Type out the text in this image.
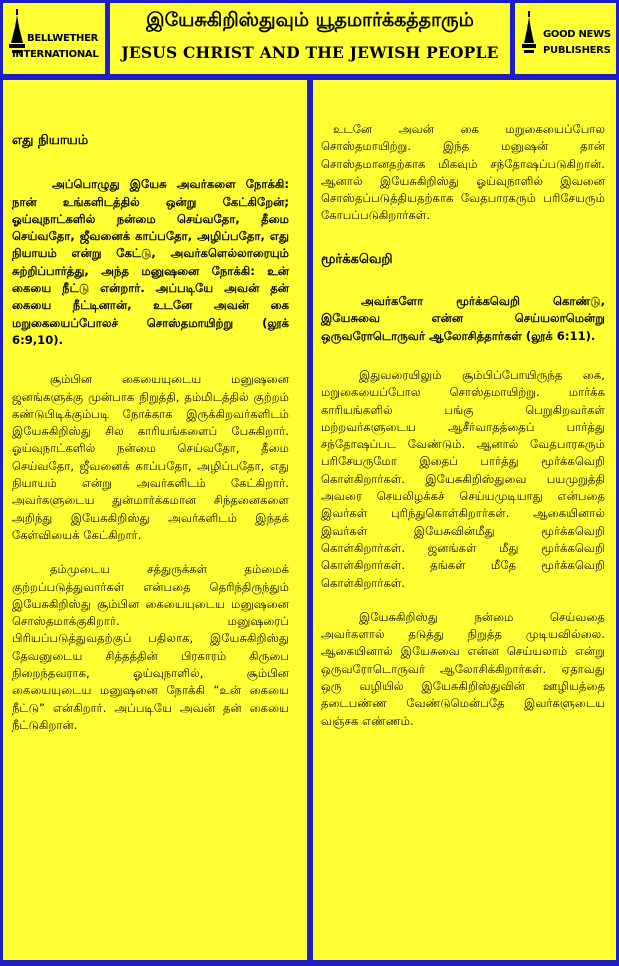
BELLWETHER
INTERNATIONAL
இயேசுகிறிஸ்துவும் யூதமார்க்கத்தாரும்
JESUS CHRIST AND THE JEWISH PEOPLE
GOOD NEWS
PUBLISHERS

எது நியாயம்

அப்பொழுது இயேசு அவர்களை நோக்கி: நான் உங்களிடத்தில் ஒன்று கேட்கிறேன்; ஓய்வுநாட்களில் நன்மை செய்வதோ, தீமை செய்வதோ, ஜீவனைக் காப்பதோ, அழிப்பதோ, எது நியாயம் என்று கேட்டு, அவர்களெல்லாரையும் சுற்றிப்பார்த்து, அந்த மனுஷனை நோக்கி: உன் கையை நீட்டு என்றார். அப்படியே அவன் தன் கையை நீட்டினான், உடனே அவன் கை மறுகையைப்போலச் சொஸ்தமாயிற்று (லூக் 6:9,10).

சூம்பின கையையுடைய மனுஷனை ஜனங்களுக்கு முன்பாக நிறுத்தி, தம்மிடத்தில் குற்றம் கண்டுபிடிக்கும்படி நோக்காக இருக்கிறவர்களிடம் இயேசுகிறிஸ்து சில காரியங்களைப் பேசுகிறார். ஓய்வுநாட்களில் நன்மை செய்வதோ, தீமை செய்வதோ, ஜீவனைக் காப்பதோ, அழிப்பதோ, எது நியாயம் என்று அவர்களிடம் கேட்கிறார். அவர்களுடைய துன்மார்க்கமான சிந்தனைகளை அறிந்து இயேசுகிறிஸ்து அவர்களிடம் இந்தக் கேள்வியைக் கேட்கிறார்.

தம்முடைய சத்துருக்கள் தம்மைக் குற்றப்படுத்துவார்கள் என்பதை தெரிந்திருந்தும் இயேசுகிறிஸ்து சூம்பின கையையுடைய மனுஷனை சொஸ்தமாக்குகிறார். மனுஷரைப் பிரியப்படுத்துவதற்குப் பதிலாக, இயேசுகிறிஸ்து தேவனுடைய சித்தத்தின் பிரகாரம் கிருபை நிறைந்தவராக, ஓய்வுநாளில், சூம்பின கையையுடைய மனுஷனை நோக்கி “உன் கையை நீட்டு” என்கிறார். அப்படியே அவன் தன் கையை நீட்டுகிறான்.

உடனே அவன் கை மறுகையைப்போல சொஸ்தமாயிற்று. இந்த மனுஷன் தான் சொஸ்தமானதற்காக மிகவும் சந்தோஷப்படுகிறான். ஆனால் இயேசுகிறிஸ்து ஓய்வுநாளில் இவனை சொஸ்தப்படுத்தியதற்காக வேதபாரகரும் பரிசேயரும் கோபப்படுகிறார்கள்.

மூர்க்கவெறி

அவர்களோ மூர்க்கவெறி கொண்டு, இயேசுவை என்ன செய்யலாமென்று ஒருவரோடொருவர் ஆலோசித்தார்கள் (லூக் 6:11).

இதுவரையிலும் சூம்பிப்போயிருந்த கை, மறுகையைப்போல சொஸ்தமாயிற்று. மார்க்க காரியங்களில் பங்கு பெறுகிறவர்கள் மற்றவர்களுடைய ஆசீர்வாதத்தைப் பார்த்து சந்தோஷப்பட வேண்டும். ஆனால் வேதபாரகரும் பரிசேயருமோ இதைப் பார்த்து மூர்க்கவெறி கொள்கிறார்கள். இயேசுகிறிஸ்துவை பயமுறுத்தி அவரை செயலிழக்கச் செய்யமுடியாது என்பதை இவர்கள் புரிந்துகொள்கிறார்கள். ஆகையினால் இவர்கள் இயேசுவின்மீது மூர்க்கவெறி கொள்கிறார்கள். ஜனங்கள் மீது மூர்க்கவெறி கொள்கிறார்கள். தங்கள் மீதே மூர்க்கவெறி கொள்கிறார்கள்.

இயேசுகிறிஸ்து நன்மை செய்வதை அவர்களால் தடுத்து நிறுத்த முடியவில்லை. ஆகையினால் இயேசுவை என்ன செய்யலாம் என்று ஒருவரோடொருவர் ஆலோசிக்கிறார்கள். ஏதாவது ஒரு வழியில் இயேசுகிறிஸ்துவின் ஊழியத்தை தடைபண்ண வேண்டுமென்பதே இவர்களுடைய வஞ்சக எண்ணம்.
